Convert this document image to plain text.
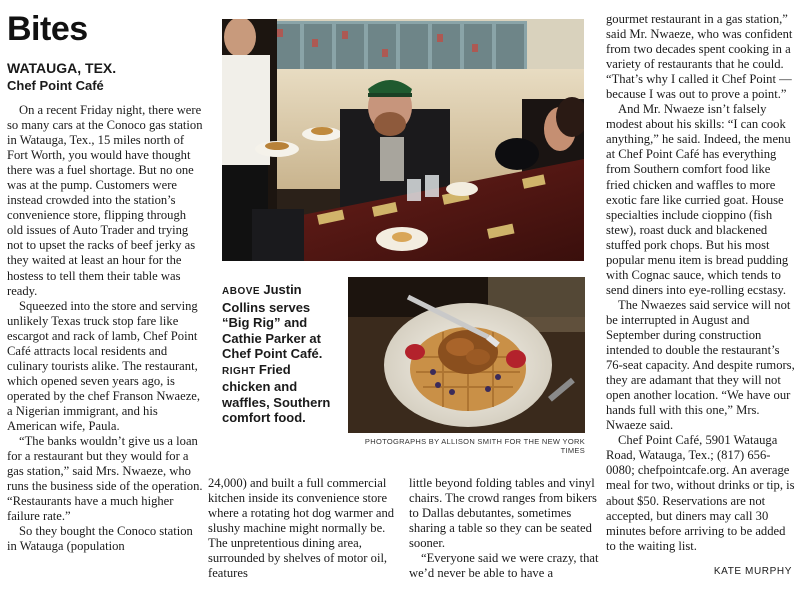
Bites
WATAUGA, TEX.
Chef Point Café

On a recent Friday night, there were so many cars at the Conoco gas station in Watauga, Tex., 15 miles north of Fort Worth, you would have thought there was a fuel shortage. But no one was at the pump. Customers were instead crowded into the station’s convenience store, flipping through old issues of Auto Trader and trying not to upset the racks of beef jerky as they waited at least an hour for the hostess to tell them their table was ready.

Squeezed into the store and serving unlikely Texas truck stop fare like escargot and rack of lamb, Chef Point Café attracts local residents and culinary tourists alike. The restaurant, which opened seven years ago, is operated by the chef Franson Nwaeze, a Nigerian immigrant, and his American wife, Paula.

“The banks wouldn’t give us a loan for a restaurant but they would for a gas station,” said Mrs. Nwaeze, who runs the business side of the operation. “Restaurants have a much higher failure rate.”

So they bought the Conoco station in Watauga (population

ABOVE Justin Collins serves “Big Rig” and Cathie Parker at Chef Point Café. RIGHT Fried chicken and waffles, Southern comfort food.
PHOTOGRAPHS BY ALLISON SMITH FOR THE NEW YORK TIMES

24,000) and built a full commercial kitchen inside its convenience store where a rotating hot dog warmer and slushy machine might normally be. The unpretentious dining area, surrounded by shelves of motor oil, features

little beyond folding tables and vinyl chairs. The crowd ranges from bikers to Dallas debutantes, sometimes sharing a table so they can be seated sooner.

“Everyone said we were crazy, that we’d never be able to have a

gourmet restaurant in a gas station,” said Mr. Nwaeze, who was confident from two decades spent cooking in a variety of restaurants that he could. “That’s why I called it Chef Point — because I was out to prove a point.”

And Mr. Nwaeze isn’t falsely modest about his skills: “I can cook anything,” he said. Indeed, the menu at Chef Point Café has everything from Southern comfort food like fried chicken and waffles to more exotic fare like curried goat. House specialties include cioppino (fish stew), roast duck and blackened stuffed pork chops. But his most popular menu item is bread pudding with Cognac sauce, which tends to send diners into eye-rolling ecstasy.

The Nwaezes said service will not be interrupted in August and September during construction intended to double the restaurant’s 76-seat capacity. And despite rumors, they are adamant that they will not open another location. “We have our hands full with this one,” Mrs. Nwaeze said.

Chef Point Café, 5901 Watauga Road, Watauga, Tex.; (817) 656-0080; chefpointcafe.org. An average meal for two, without drinks or tip, is about $50. Reservations are not accepted, but diners may call 30 minutes before arriving to be added to the waiting list.

KATE MURPHY
